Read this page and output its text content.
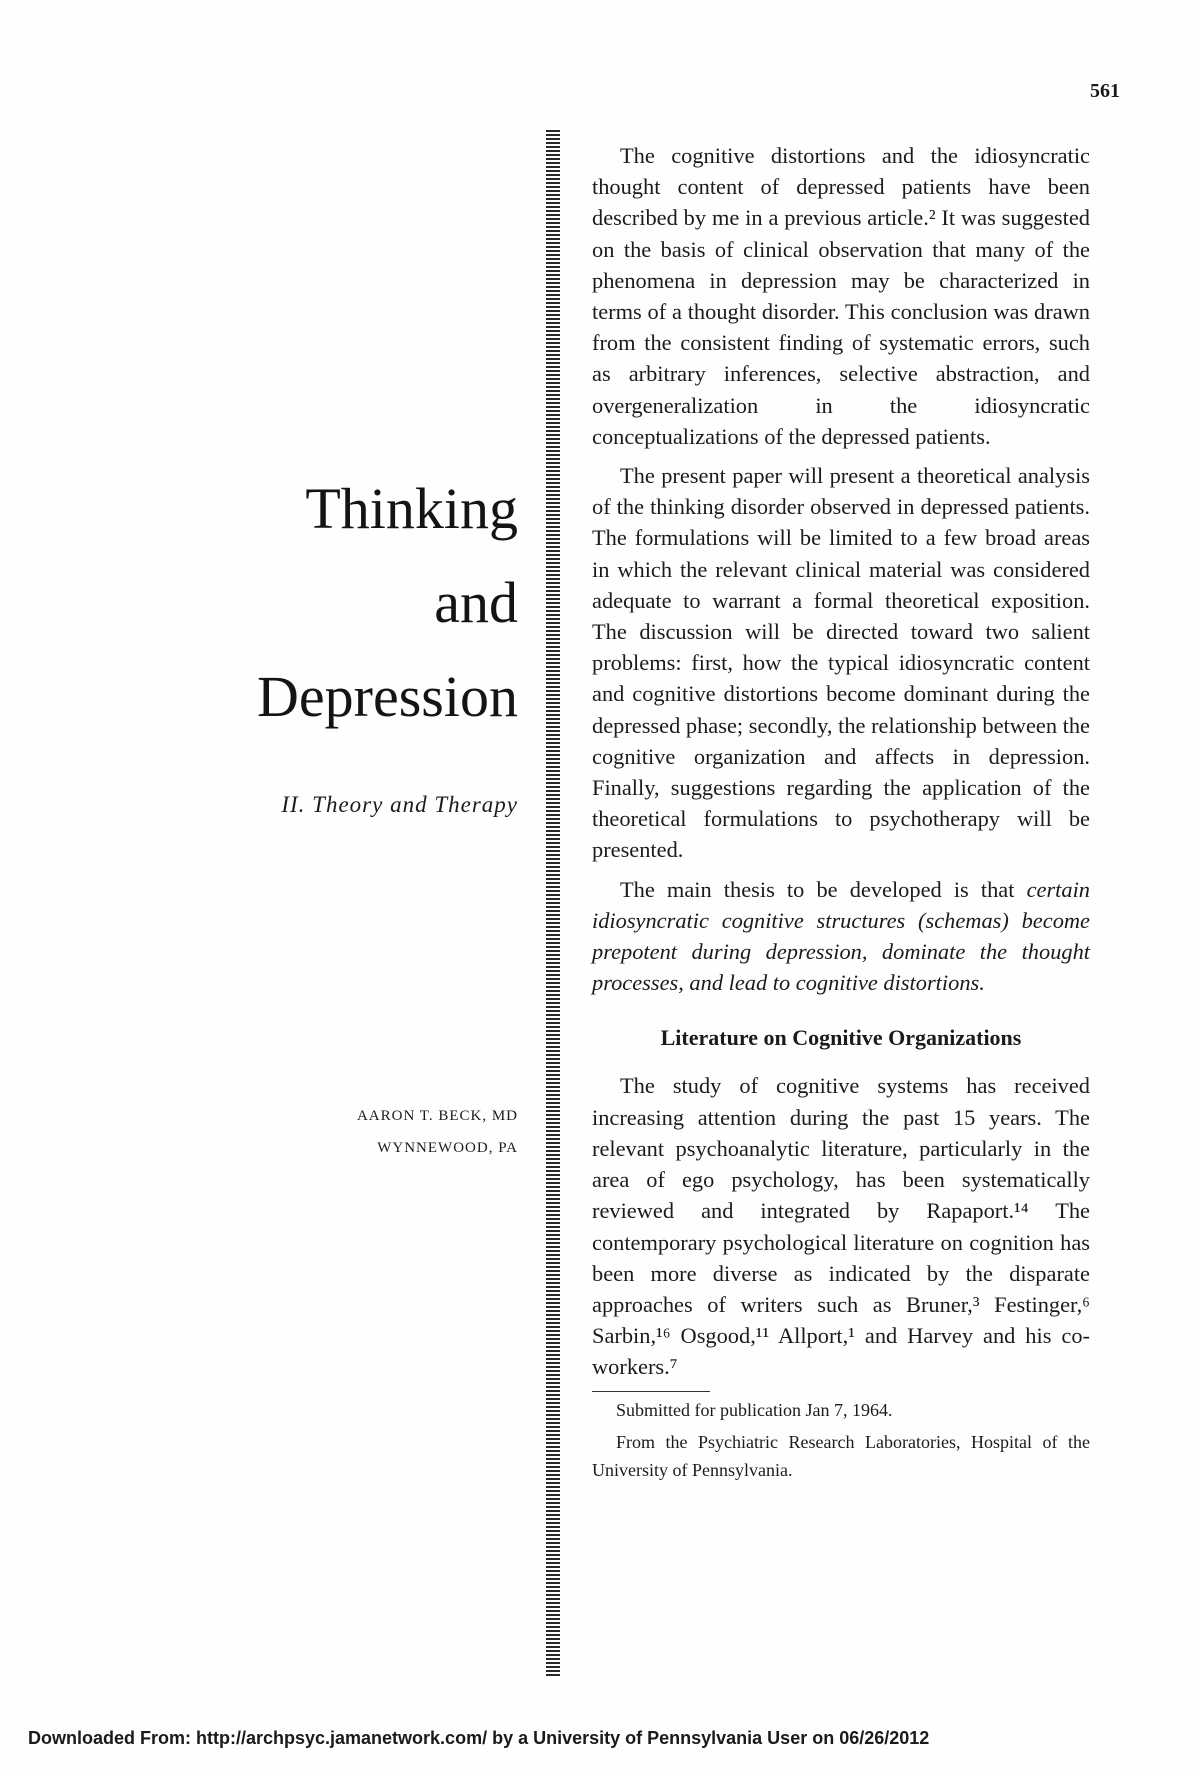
561
Thinking
and
Depression

II. Theory and Therapy

AARON T. BECK, MD
WYNNEWOOD, PA

The cognitive distortions and the idiosyncratic thought content of depressed patients have been described by me in a previous article.² It was suggested on the basis of clinical observation that many of the phenomena in depression may be characterized in terms of a thought disorder. This conclusion was drawn from the consistent finding of systematic errors, such as arbitrary inferences, selective abstraction, and overgeneralization in the idiosyncratic conceptualizations of the depressed patients.

The present paper will present a theoretical analysis of the thinking disorder observed in depressed patients. The formulations will be limited to a few broad areas in which the relevant clinical material was considered adequate to warrant a formal theoretical exposition. The discussion will be directed toward two salient problems: first, how the typical idiosyncratic content and cognitive distortions become dominant during the depressed phase; secondly, the relationship between the cognitive organization and affects in depression. Finally, suggestions regarding the application of the theoretical formulations to psychotherapy will be presented.

The main thesis to be developed is that certain idiosyncratic cognitive structures (schemas) become prepotent during depression, dominate the thought processes, and lead to cognitive distortions.

Literature on Cognitive Organizations

The study of cognitive systems has received increasing attention during the past 15 years. The relevant psychoanalytic literature, particularly in the area of ego psychology, has been systematically reviewed and integrated by Rapaport.¹⁴ The contemporary psychological literature on cognition has been more diverse as indicated by the disparate approaches of writers such as Bruner,³ Festinger,⁶ Sarbin,¹⁶ Osgood,¹¹ Allport,¹ and Harvey and his co-workers.⁷

Submitted for publication Jan 7, 1964.

From the Psychiatric Research Laboratories, Hospital of the University of Pennsylvania.

Downloaded From: http://archpsyc.jamanetwork.com/ by a University of Pennsylvania User on 06/26/2012
